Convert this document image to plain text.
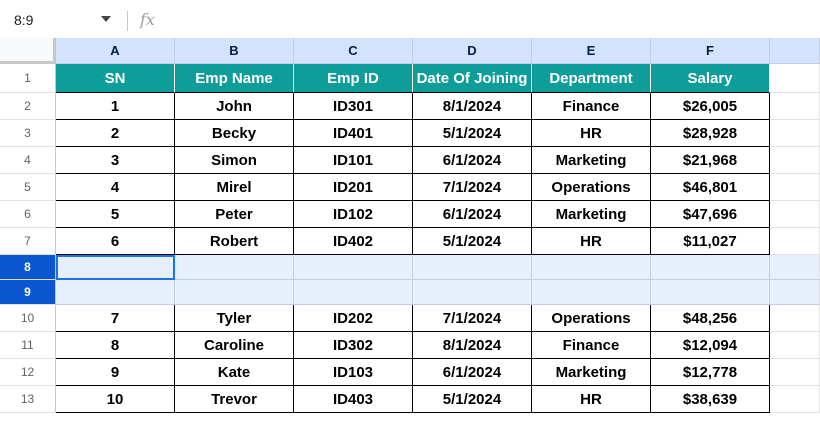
8:9	fx
A	B	C	D	E	F
1
2
3
4
5
6
7
8
9
10
11
12
13
SN	Emp Name	Emp ID	Date Of Joining	Department	Salary
1	John	ID301	8/1/2024	Finance	$26,005
2	Becky	ID401	5/1/2024	HR	$28,928
3	Simon	ID101	6/1/2024	Marketing	$21,968
4	Mirel	ID201	7/1/2024	Operations	$46,801
5	Peter	ID102	6/1/2024	Marketing	$47,696
6	Robert	ID402	5/1/2024	HR	$11,027
7	Tyler	ID202	7/1/2024	Operations	$48,256
8	Caroline	ID302	8/1/2024	Finance	$12,094
9	Kate	ID103	6/1/2024	Marketing	$12,778
10	Trevor	ID403	5/1/2024	HR	$38,639
